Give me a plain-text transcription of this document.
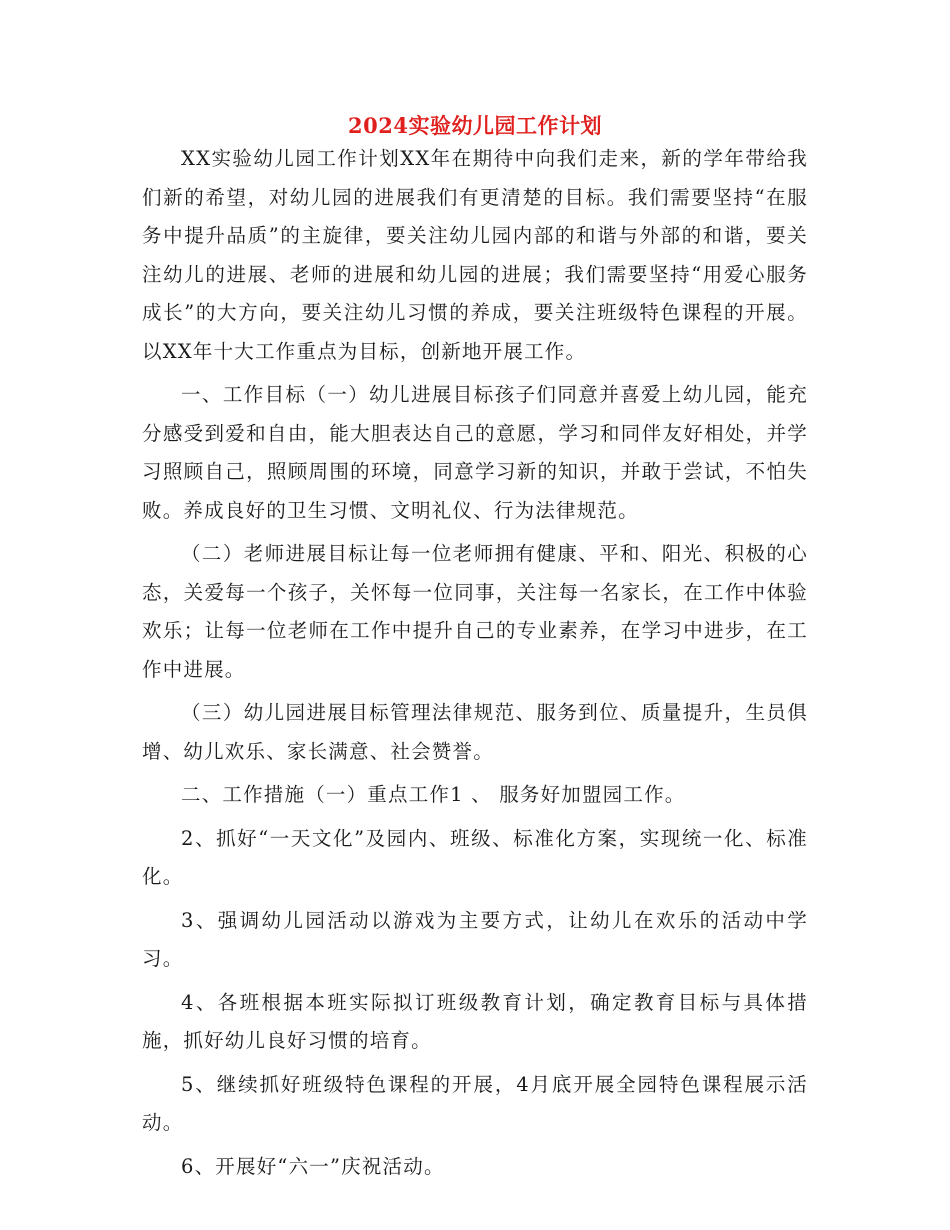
2024实验幼儿园工作计划

XX实验幼儿园工作计划XX年在期待中向我们走来，新的学年带给我们新的希望，对幼儿园的进展我们有更清楚的目标。我们需要坚持“在服务中提升品质”的主旋律，要关注幼儿园内部的和谐与外部的和谐，要关注幼儿的进展、老师的进展和幼儿园的进展；我们需要坚持“用爱心服务成长”的大方向，要关注幼儿习惯的养成，要关注班级特色课程的开展。以XX年十大工作重点为目标，创新地开展工作。

一、工作目标（一）幼儿进展目标孩子们同意并喜爱上幼儿园，能充分感受到爱和自由，能大胆表达自己的意愿，学习和同伴友好相处，并学习照顾自己，照顾周围的环境，同意学习新的知识，并敢于尝试，不怕失败。养成良好的卫生习惯、文明礼仪、行为法律规范。

（二）老师进展目标让每一位老师拥有健康、平和、阳光、积极的心态，关爱每一个孩子，关怀每一位同事，关注每一名家长，在工作中体验欢乐；让每一位老师在工作中提升自己的专业素养，在学习中进步，在工作中进展。

（三）幼儿园进展目标管理法律规范、服务到位、质量提升，生员俱增、幼儿欢乐、家长满意、社会赞誉。

二、工作措施（一）重点工作1 、 服务好加盟园工作。

2、抓好“一天文化”及园内、班级、标准化方案，实现统一化、标准化。

3、强调幼儿园活动以游戏为主要方式，让幼儿在欢乐的活动中学习。

4、各班根据本班实际拟订班级教育计划，确定教育目标与具体措施，抓好幼儿良好习惯的培育。

5、继续抓好班级特色课程的开展，4月底开展全园特色课程展示活动。

6、开展好“六一”庆祝活动。
